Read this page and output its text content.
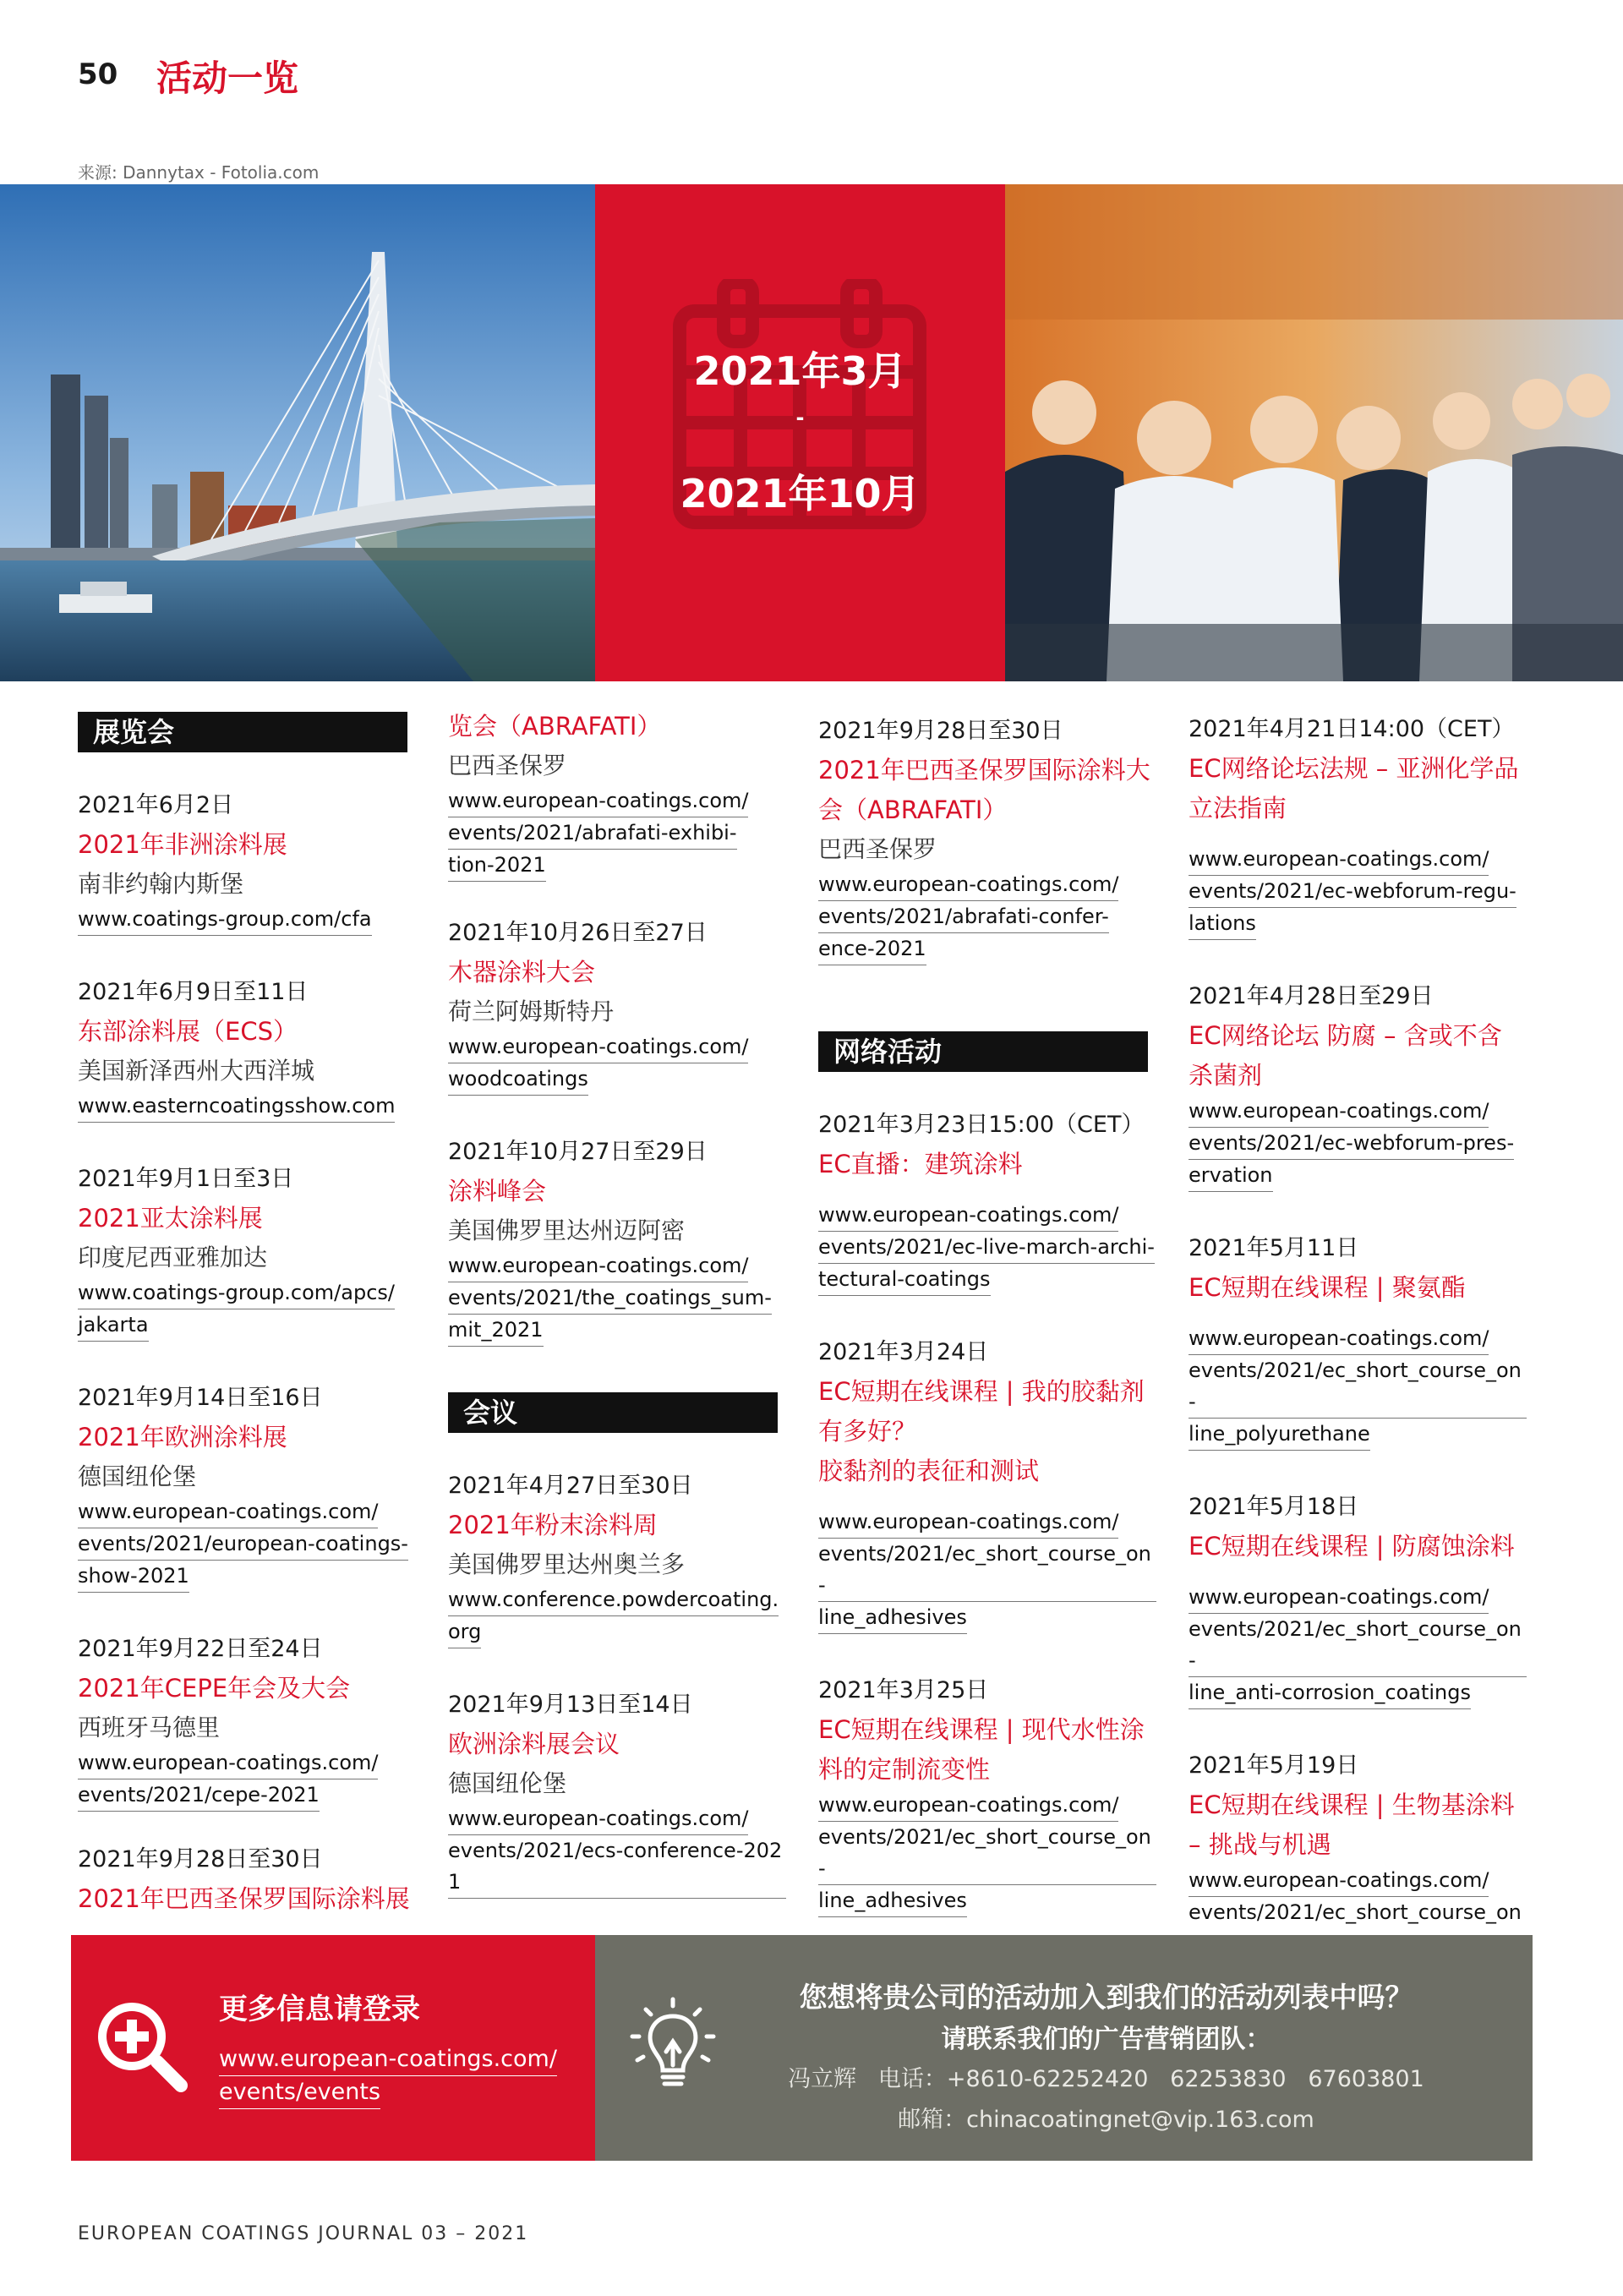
50 活动一览
来源: Dannytax - Fotolia.com
2021年3月
-
2021年10月
展览会
2021年6月2日
2021年非洲涂料展
南非约翰内斯堡
www.coatings-group.com/cfa
2021年6月9日至11日
东部涂料展（ECS）
美国新泽西州大西洋城
www.easterncoatingsshow.com
2021年9月1日至3日
2021亚太涂料展
印度尼西亚雅加达
www.coatings-group.com/apcs/
jakarta
2021年9月14日至16日
2021年欧洲涂料展
德国纽伦堡
www.european-coatings.com/
events/2021/european-coatings-
show-2021
2021年9月22日至24日
2021年CEPE年会及大会
西班牙马德里
www.european-coatings.com/
events/2021/cepe-2021
2021年9月28日至30日
2021年巴西圣保罗国际涂料展
览会（ABRAFATI）
巴西圣保罗
www.european-coatings.com/
events/2021/abrafati-exhibi-
tion-2021
2021年10月26日至27日
木器涂料大会
荷兰阿姆斯特丹
www.european-coatings.com/
woodcoatings
2021年10月27日至29日
涂料峰会
美国佛罗里达州迈阿密
www.european-coatings.com/
events/2021/the_coatings_sum-
mit_2021
会议
2021年4月27日至30日
2021年粉末涂料周
美国佛罗里达州奥兰多
www.conference.powdercoating.
org
2021年9月13日至14日
欧洲涂料展会议
德国纽伦堡
www.european-coatings.com/
events/2021/ecs-conference-2021
2021年9月28日至30日
2021年巴西圣保罗国际涂料大
会（ABRAFATI）
巴西圣保罗
www.european-coatings.com/
events/2021/abrafati-confer-
ence-2021
网络活动
2021年3月23日15:00（CET）
EC直播：建筑涂料
www.european-coatings.com/
events/2021/ec-live-march-archi-
tectural-coatings
2021年3月24日
EC短期在线课程 | 我的胶黏剂
有多好？
胶黏剂的表征和测试
www.european-coatings.com/
events/2021/ec_short_course_on-
line_adhesives
2021年3月25日
EC短期在线课程 | 现代水性涂
料的定制流变性
www.european-coatings.com/
events/2021/ec_short_course_on-
line_adhesives
2021年4月21日14:00（CET）
EC网络论坛法规 – 亚洲化学品
立法指南
www.european-coatings.com/
events/2021/ec-webforum-regu-
lations
2021年4月28日至29日
EC网络论坛 防腐 – 含或不含
杀菌剂
www.european-coatings.com/
events/2021/ec-webforum-pres-
ervation
2021年5月11日
EC短期在线课程 | 聚氨酯
www.european-coatings.com/
events/2021/ec_short_course_on-
line_polyurethane
2021年5月18日
EC短期在线课程 | 防腐蚀涂料
www.european-coatings.com/
events/2021/ec_short_course_on-
line_anti-corrosion_coatings
2021年5月19日
EC短期在线课程 | 生物基涂料
– 挑战与机遇
www.european-coatings.com/
events/2021/ec_short_course_on
更多信息请登录
www.european-coatings.com/
events/events
您想将贵公司的活动加入到我们的活动列表中吗？
请联系我们的广告营销团队：
冯立辉   电话：+8610-62252420   62253830   67603801
邮箱：chinacoatingnet@vip.163.com
EUROPEAN COATINGS JOURNAL 03 – 2021
